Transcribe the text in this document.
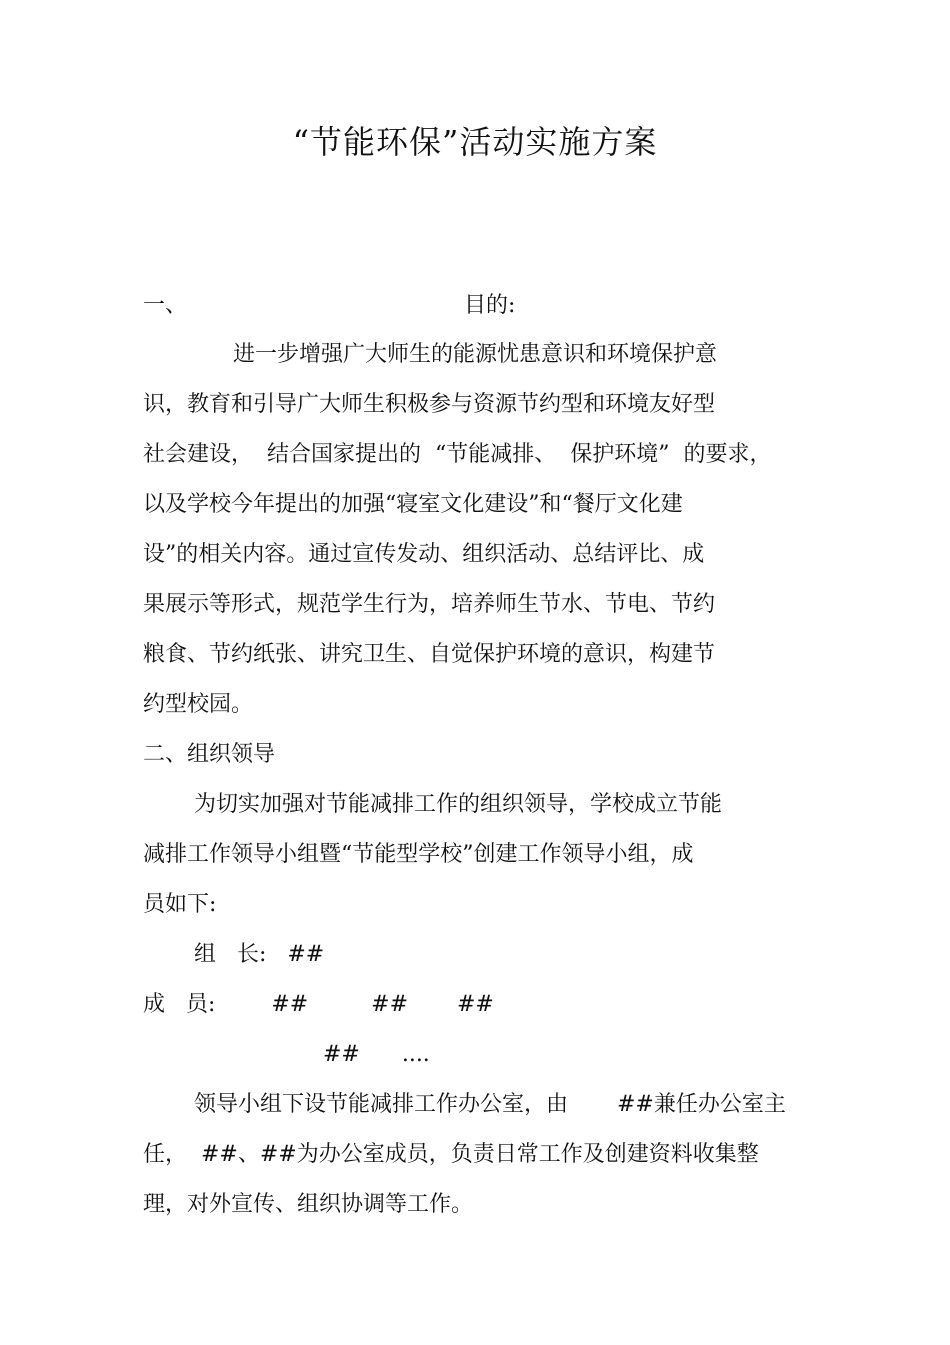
“节能环保”活动实施方案
一、	目的:
进一步增强广大师生的能源忧患意识和环境保护意
识，教育和引导广大师生积极参与资源节约型和环境友好型
社会建设，  结合国家提出的  “节能减排、  保护环境”  的要求，
以及学校今年提出的加强“寝室文化建设”和“餐厅文化建
设”的相关内容。通过宣传发动、组织活动、总结评比、成
果展示等形式，规范学生行为，培养师生节水、节电、节约
粮食、节约纸张、讲究卫生、自觉保护环境的意识，构建节
约型校园。
二、组织领导
为切实加强对节能减排工作的组织领导，学校成立节能
减排工作领导小组暨“节能型学校”创建工作领导小组，成
员如下:
组   长:   ##
成   员:        ##         ##       ##
##      ....
领导小组下设节能减排工作办公室，由       ##兼任办公室主
任，  ##、##为办公室成员，负责日常工作及创建资料收集整
理，对外宣传、组织协调等工作。
